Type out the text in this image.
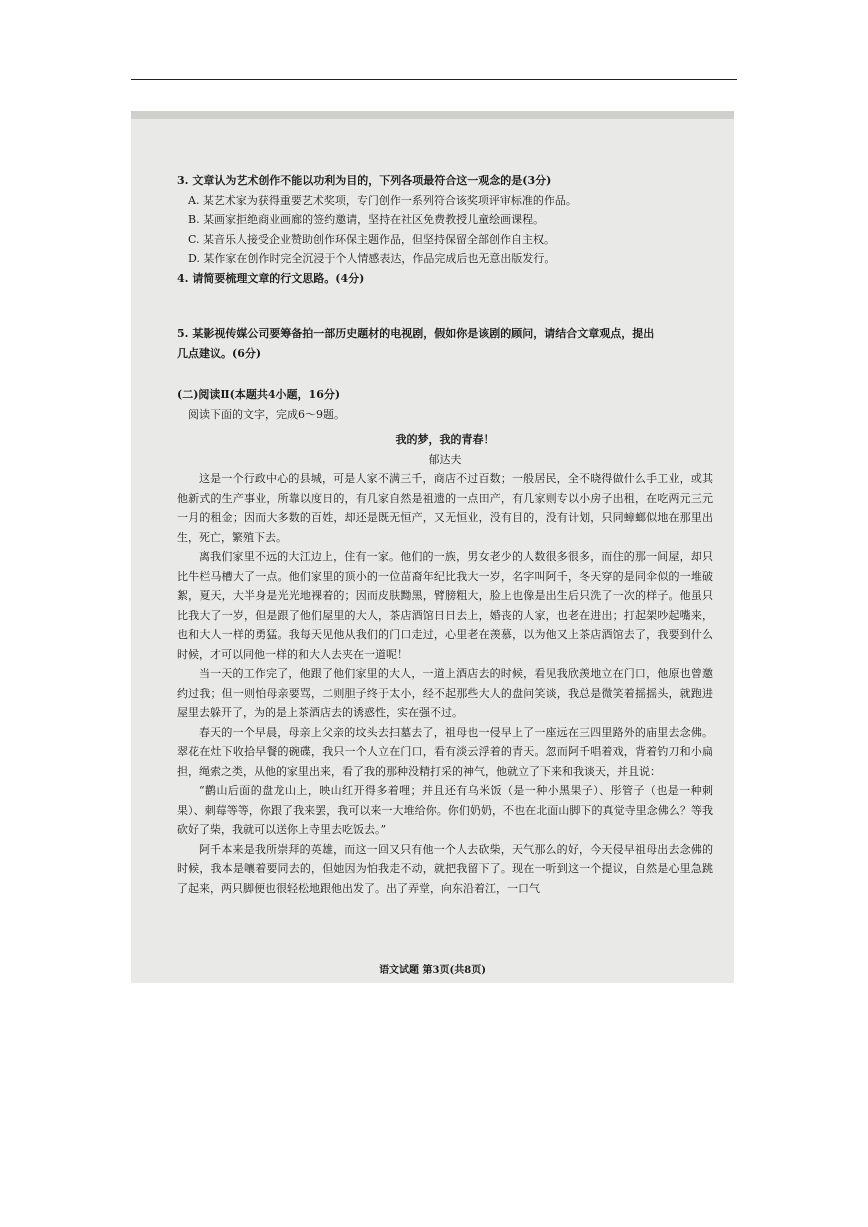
3. 文章认为艺术创作不能以功利为目的，下列各项最符合这一观念的是(3分)
A. 某艺术家为获得重要艺术奖项，专门创作一系列符合该奖项评审标准的作品。
B. 某画家拒绝商业画廊的签约邀请，坚持在社区免费教授儿童绘画课程。
C. 某音乐人接受企业赞助创作环保主题作品，但坚持保留全部创作自主权。
D. 某作家在创作时完全沉浸于个人情感表达，作品完成后也无意出版发行。
4. 请简要梳理文章的行文思路。(4分)
5. 某影视传媒公司要筹备拍一部历史题材的电视剧，假如你是该剧的顾问，请结合文章观点，提出
几点建议。(6分)
(二)阅读Ⅱ(本题共4小题，16分)
阅读下面的文字，完成6～9题。
我的梦，我的青春！
郁达夫
这是一个行政中心的县城，可是人家不满三千，商店不过百数；一般居民，全不晓得做什么手工业，或其他新式的生产事业，所靠以度日的，有几家自然是祖遗的一点田产，有几家则专以小房子出租，在吃两元三元一月的租金；因而大多数的百姓，却还是既无恒产，又无恒业，没有目的，没有计划，只同蟑螂似地在那里出生，死亡，繁殖下去。
离我们家里不远的大江边上，住有一家。他们的一族，男女老少的人数很多很多，而住的那一间屋，却只比牛栏马槽大了一点。他们家里的顶小的一位苗裔年纪比我大一岁，名字叫阿千，冬天穿的是同伞似的一堆破絮，夏天，大半身是光光地裸着的；因而皮肤黝黑，臂膀粗大，脸上也像是出生后只洗了一次的样子。他虽只比我大了一岁，但是跟了他们屋里的大人，茶店酒馆日日去上，婚丧的人家，也老在进出；打起架吵起嘴来，也和大人一样的勇猛。我每天见他从我们的门口走过，心里老在羡慕，以为他又上茶店酒馆去了，我要到什么时候，才可以同他一样的和大人去夹在一道呢！
当一天的工作完了，他跟了他们家里的大人，一道上酒店去的时候，看见我欣羡地立在门口，他原也曾邀约过我；但一则怕母亲要骂，二则胆子终于太小，经不起那些大人的盘问笑谈，我总是微笑着摇摇头，就跑进屋里去躲开了，为的是上茶酒店去的诱惑性，实在强不过。
春天的一个早晨，母亲上父亲的坟头去扫墓去了，祖母也一侵早上了一座远在三四里路外的庙里去念佛。翠花在灶下收拾早餐的碗碟，我只一个人立在门口，看有淡云浮着的青天。忽而阿千唱着戏，背着钓刀和小扁担，绳索之类，从他的家里出来，看了我的那种没精打采的神气，他就立了下来和我谈天，并且说：
“鹳山后面的盘龙山上，映山红开得多着哩；并且还有乌米饭（是一种小黑果子）、彤管子（也是一种刺果）、刺莓等等，你跟了我来罢，我可以来一大堆给你。你们奶奶，不也在北面山脚下的真觉寺里念佛么？等我砍好了柴，我就可以送你上寺里去吃饭去。”
阿千本来是我所崇拜的英雄，而这一回又只有他一个人去砍柴，天气那么的好，今天侵早祖母出去念佛的时候，我本是嚷着要同去的，但她因为怕我走不动，就把我留下了。现在一听到这一个提议，自然是心里急跳了起来，两只脚便也很轻松地跟他出发了。出了弄堂，向东沿着江，一口气
语文试题 第3页(共8页)
